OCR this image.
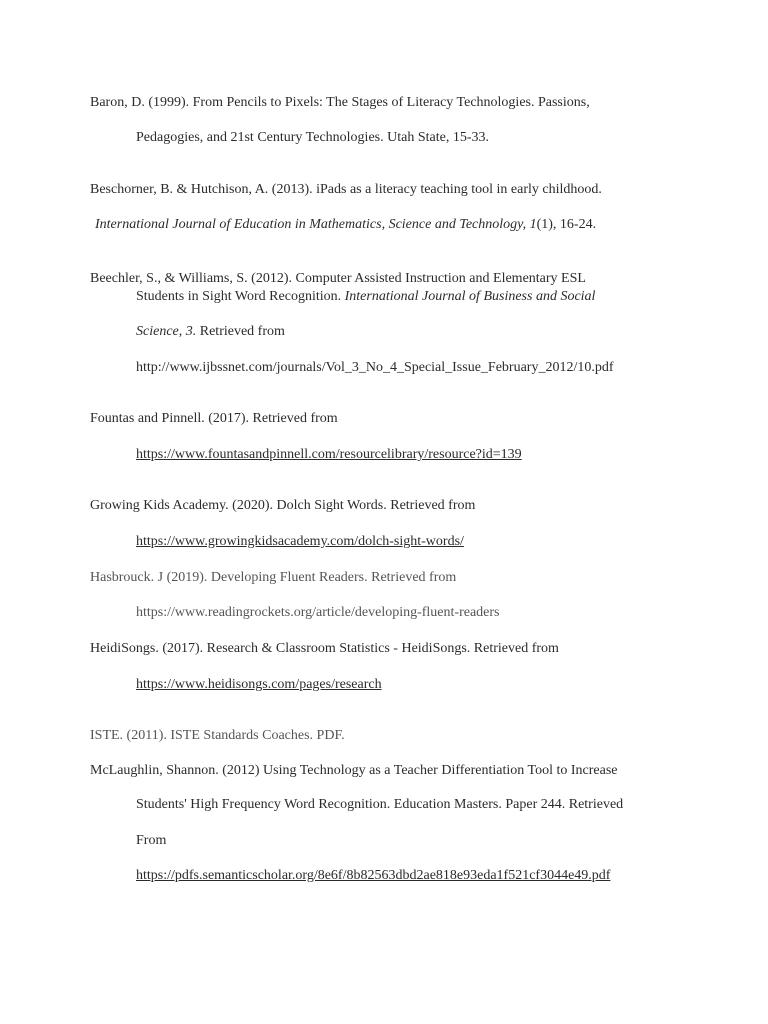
Baron, D. (1999). From Pencils to Pixels: The Stages of Literacy Technologies. Passions,
Pedagogies, and 21st Century Technologies. Utah State, 15-33.
Beschorner, B. & Hutchison, A. (2013). iPads as a literacy teaching tool in early childhood.
International Journal of Education in Mathematics, Science and Technology, 1(1), 16-24.
Beechler, S., & Williams, S. (2012). Computer Assisted Instruction and Elementary ESL
Students in Sight Word Recognition. International Journal of Business and Social
Science, 3. Retrieved from
http://www.ijbssnet.com/journals/Vol_3_No_4_Special_Issue_February_2012/10.pdf
Fountas and Pinnell. (2017). Retrieved from
https://www.fountasandpinnell.com/resourcelibrary/resource?id=139
Growing Kids Academy. (2020). Dolch Sight Words. Retrieved from
https://www.growingkidsacademy.com/dolch-sight-words/
Hasbrouck. J (2019). Developing Fluent Readers. Retrieved from
https://www.readingrockets.org/article/developing-fluent-readers
HeidiSongs. (2017). Research & Classroom Statistics - HeidiSongs. Retrieved from
https://www.heidisongs.com/pages/research
ISTE. (2011). ISTE Standards Coaches. PDF.
McLaughlin, Shannon. (2012) Using Technology as a Teacher Differentiation Tool to Increase
Students' High Frequency Word Recognition. Education Masters. Paper 244. Retrieved
From
https://pdfs.semanticscholar.org/8e6f/8b82563dbd2ae818e93eda1f521cf3044e49.pdf
